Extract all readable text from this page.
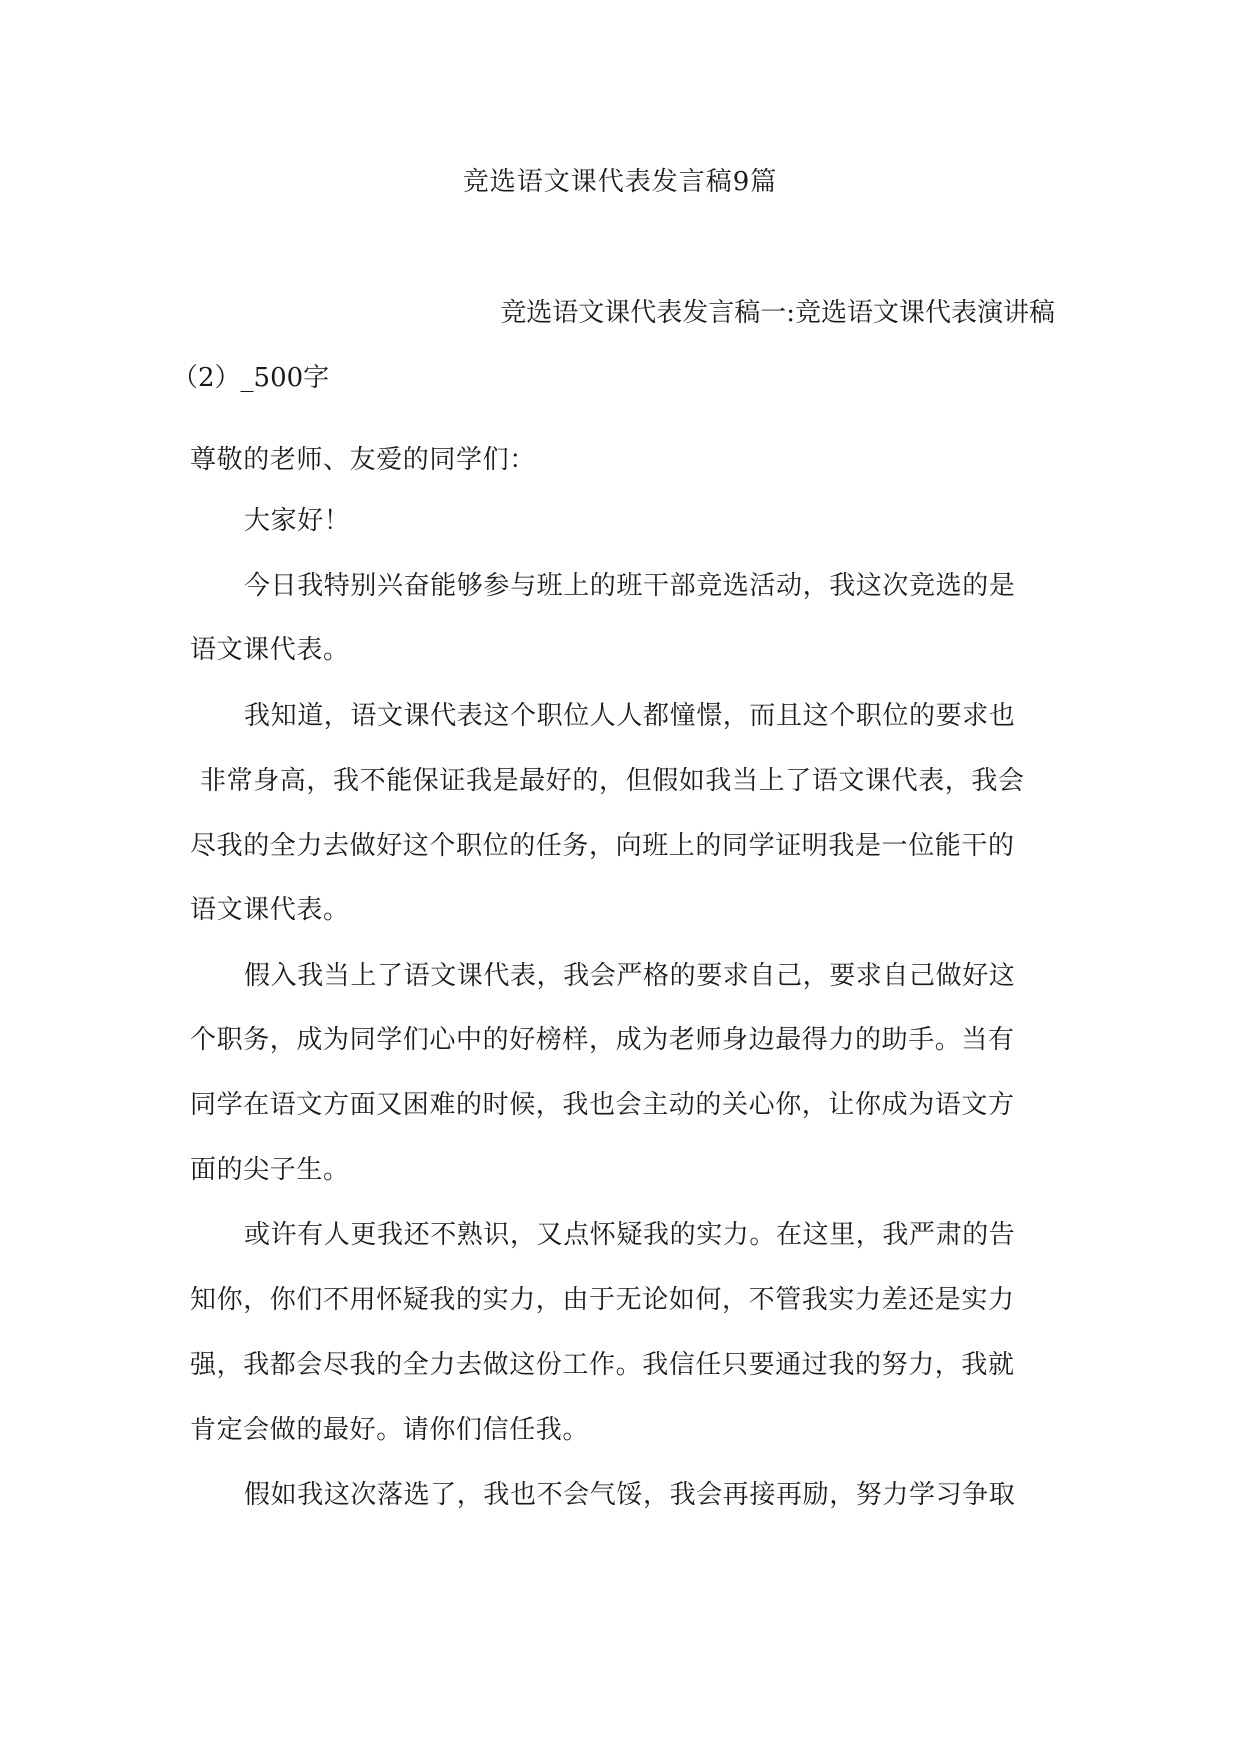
竞选语文课代表发言稿9篇
竞选语文课代表发言稿一:竞选语文课代表演讲稿
（2）_500字
尊敬的老师、友爱的同学们：
大家好！
今日我特别兴奋能够参与班上的班干部竞选活动，我这次竞选的是
语文课代表。
我知道，语文课代表这个职位人人都憧憬，而且这个职位的要求也
非常身高，我不能保证我是最好的，但假如我当上了语文课代表，我会
尽我的全力去做好这个职位的任务，向班上的同学证明我是一位能干的
语文课代表。
假入我当上了语文课代表，我会严格的要求自己，要求自己做好这
个职务，成为同学们心中的好榜样，成为老师身边最得力的助手。当有
同学在语文方面又困难的时候，我也会主动的关心你，让你成为语文方
面的尖子生。
或许有人更我还不熟识，又点怀疑我的实力。在这里，我严肃的告
知你，你们不用怀疑我的实力，由于无论如何，不管我实力差还是实力
强，我都会尽我的全力去做这份工作。我信任只要通过我的努力，我就
肯定会做的最好。请你们信任我。
假如我这次落选了，我也不会气馁，我会再接再励，努力学习争取
